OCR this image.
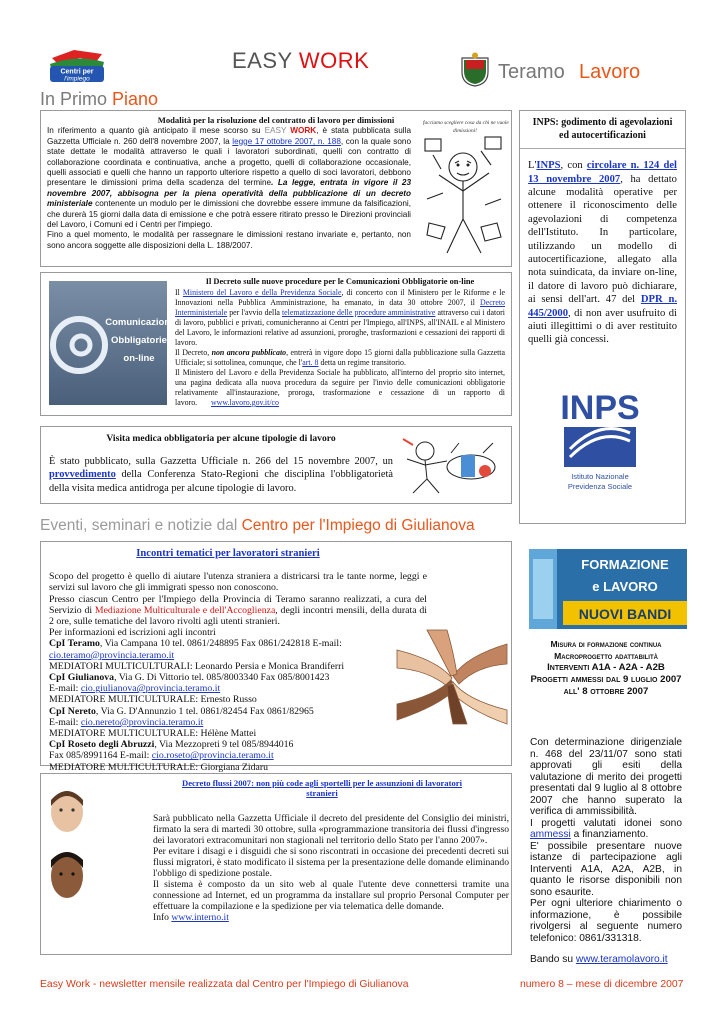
Centri per
l'impiego
EASY WORK	Teramo Lavoro
In Primo Piano
Modalità per la risoluzione del contratto di lavoro per dimissioni
In riferimento a quanto già anticipato il mese scorso su EASY WORK, è stata pubblicata sulla Gazzetta Ufficiale n. 260 dell'8 novembre 2007, la legge 17 ottobre 2007, n. 188, con la quale sono state dettate le modalità attraverso le quali i lavoratori subordinati, quelli con contratto di collaborazione coordinata e continuativa, anche a progetto, quelli di collaborazione occasionale, quelli associati e quelli che hanno un rapporto ulteriore rispetto a quello di soci lavoratori, debbono presentare le dimissioni prima della scadenza del termine. La legge, entrata in vigore il 23 novembre 2007, abbisogna per la piena operatività della pubblicazione di un decreto ministeriale contenente un modulo per le dimissioni che dovrebbe essere immune da falsificazioni, che durerà 15 giorni dalla data di emissione e che potrà essere ritirato presso le Direzioni provinciali del Lavoro, i Comuni ed i Centri per l'impiego.
Fino a quel momento, le modalità per rassegnare le dimissioni restano invariate e, pertanto, non sono ancora soggette alle disposizioni della L. 188/2007.
facciamo scegliere cosa da chi ne vuole
dimissioni!
INPS: godimento di agevolazioni ed autocertificazioni
L'INPS, con circolare n. 124 del 13 novembre 2007, ha dettato alcune modalità operative per ottenere il riconoscimento delle agevolazioni di competenza dell'Istituto. In particolare, utilizzando un modello di autocertificazione, allegato alla nota suindicata, da inviare on-line, il datore di lavoro può dichiarare, ai sensi dell'art. 47 del DPR n. 445/2000, di non aver usufruito di aiuti illegittimi o di aver restituito quelli già concessi.
INPS
Istituto Nazionale
Previdenza Sociale
Comunicazioni
Obbligatorie
on-line
Il Decreto sulle nuove procedure per le Comunicazioni Obbligatorie on-line
Il Ministero del Lavoro e della Previdenza Sociale, di concerto con il Ministero per le Riforme e le Innovazioni nella Pubblica Amministrazione, ha emanato, in data 30 ottobre 2007, il Decreto Interministeriale per l'avvio della telematizzazione delle procedure amministrative attraverso cui i datori di lavoro, pubblici e privati, comunicheranno ai Centri per l'Impiego, all'INPS, all'INAIL e al Ministero del Lavoro, le informazioni relative ad assunzioni, proroghe, trasformazioni e cessazioni dei rapporti di lavoro.
Il Decreto, non ancora pubblicato, entrerà in vigore dopo 15 giorni dalla pubblicazione sulla Gazzetta Ufficiale; si sottolinea, comunque, che l'art. 8 detta un regime transitorio.
Il Ministero del Lavoro e della Previdenza Sociale ha pubblicato, all'interno del proprio sito internet, una pagina dedicata alla nuova procedura da seguire per l'invio delle comunicazioni obbligatorie relativamente all'instaurazione, proroga, trasformazione e cessazione di un rapporto di lavoro. www.lavoro.gov.it/co
Visita medica obbligatoria per alcune tipologie di lavoro
È stato pubblicato, sulla Gazzetta Ufficiale n. 266 del 15 novembre 2007, un provvedimento della Conferenza Stato-Regioni che disciplina l'obbligatorietà della visita medica antidroga per alcune tipologie di lavoro.
Eventi, seminari e notizie dal Centro per l'Impiego di Giulianova
Incontri tematici per lavoratori stranieri
Scopo del progetto è quello di aiutare l'utenza straniera a districarsi tra le tante norme, leggi e servizi sul lavoro che gli immigrati spesso non conoscono.
Presso ciascun Centro per l'Impiego della Provincia di Teramo saranno realizzati, a cura del Servizio di Mediazione Multiculturale e dell'Accoglienza, degli incontri mensili, della durata di 2 ore, sulle tematiche del lavoro rivolti agli utenti stranieri.
Per informazioni ed iscrizioni agli incontri
CpI Teramo, Via Campana 10 tel. 0861/248895 Fax 0861/242818 E-mail: cio.teramo@provincia.teramo.it
MEDIATORI MULTICULTURALI: Leonardo Persia e Monica Brandiferri
CpI Giulianova, Via G. Di Vittorio tel. 085/8003340 Fax 085/8001423
E-mail: cio.giulianova@provincia.teramo.it
MEDIATORE MULTICULTURALE: Ernesto Russo
CpI Nereto, Via G. D'Annunzio 1 tel. 0861/82454 Fax 0861/82965
E-mail: cio.nereto@provincia.teramo.it
MEDIATORE MULTICULTURALE: Hélène Mattei
CpI Roseto degli Abruzzi, Via Mezzopreti 9 tel 085/8944016
Fax 085/8991164 E-mail: cio.roseto@provincia.teramo.it
MEDIATORE MULTICULTURALE: Giorgiana Zidaru
Decreto flussi 2007: non più code agli sportelli per le assunzioni di lavoratori stranieri
Sarà pubblicato nella Gazzetta Ufficiale il decreto del presidente del Consiglio dei ministri, firmato la sera di martedì 30 ottobre, sulla «programmazione transitoria dei flussi d'ingresso dei lavoratori extracomunitari non stagionali nel territorio dello Stato per l'anno 2007».
Per evitare i disagi e i disguidi che si sono riscontrati in occasione dei precedenti decreti sui flussi migratori, è stato modificato il sistema per la presentazione delle domande eliminando l'obbligo di spedizione postale.
Il sistema è composto da un sito web al quale l'utente deve connettersi tramite una connessione ad Internet, ed un programma da installare sul proprio Personal Computer per effettuare la compilazione e la spedizione per via telematica delle domande.
Info www.interno.it
FORMAZIONE
e LAVORO
NUOVI BANDI
Misura di formazione continua
Macroprogetto adattabilità
Interventi A1A - A2A - A2B
Progetti ammessi dal 9 luglio 2007
all' 8 ottobre 2007
Con determinazione dirigenziale n. 468 del 23/11/07 sono stati approvati gli esiti della valutazione di merito dei progetti presentati dal 9 luglio al 8 ottobre 2007 che hanno superato la verifica di ammissibilità.
I progetti valutati idonei sono ammessi a finanziamento.
E' possibile presentare nuove istanze di partecipazione agli Interventi A1A, A2A, A2B, in quanto le risorse disponibili non sono esaurite.
Per ogni ulteriore chiarimento o informazione, è possibile rivolgersi al seguente numero telefonico: 0861/331318.
Bando su www.teramolavoro.it
Easy Work - newsletter mensile realizzata dal Centro per l'Impiego di Giulianova	numero 8 – mese di dicembre 2007
